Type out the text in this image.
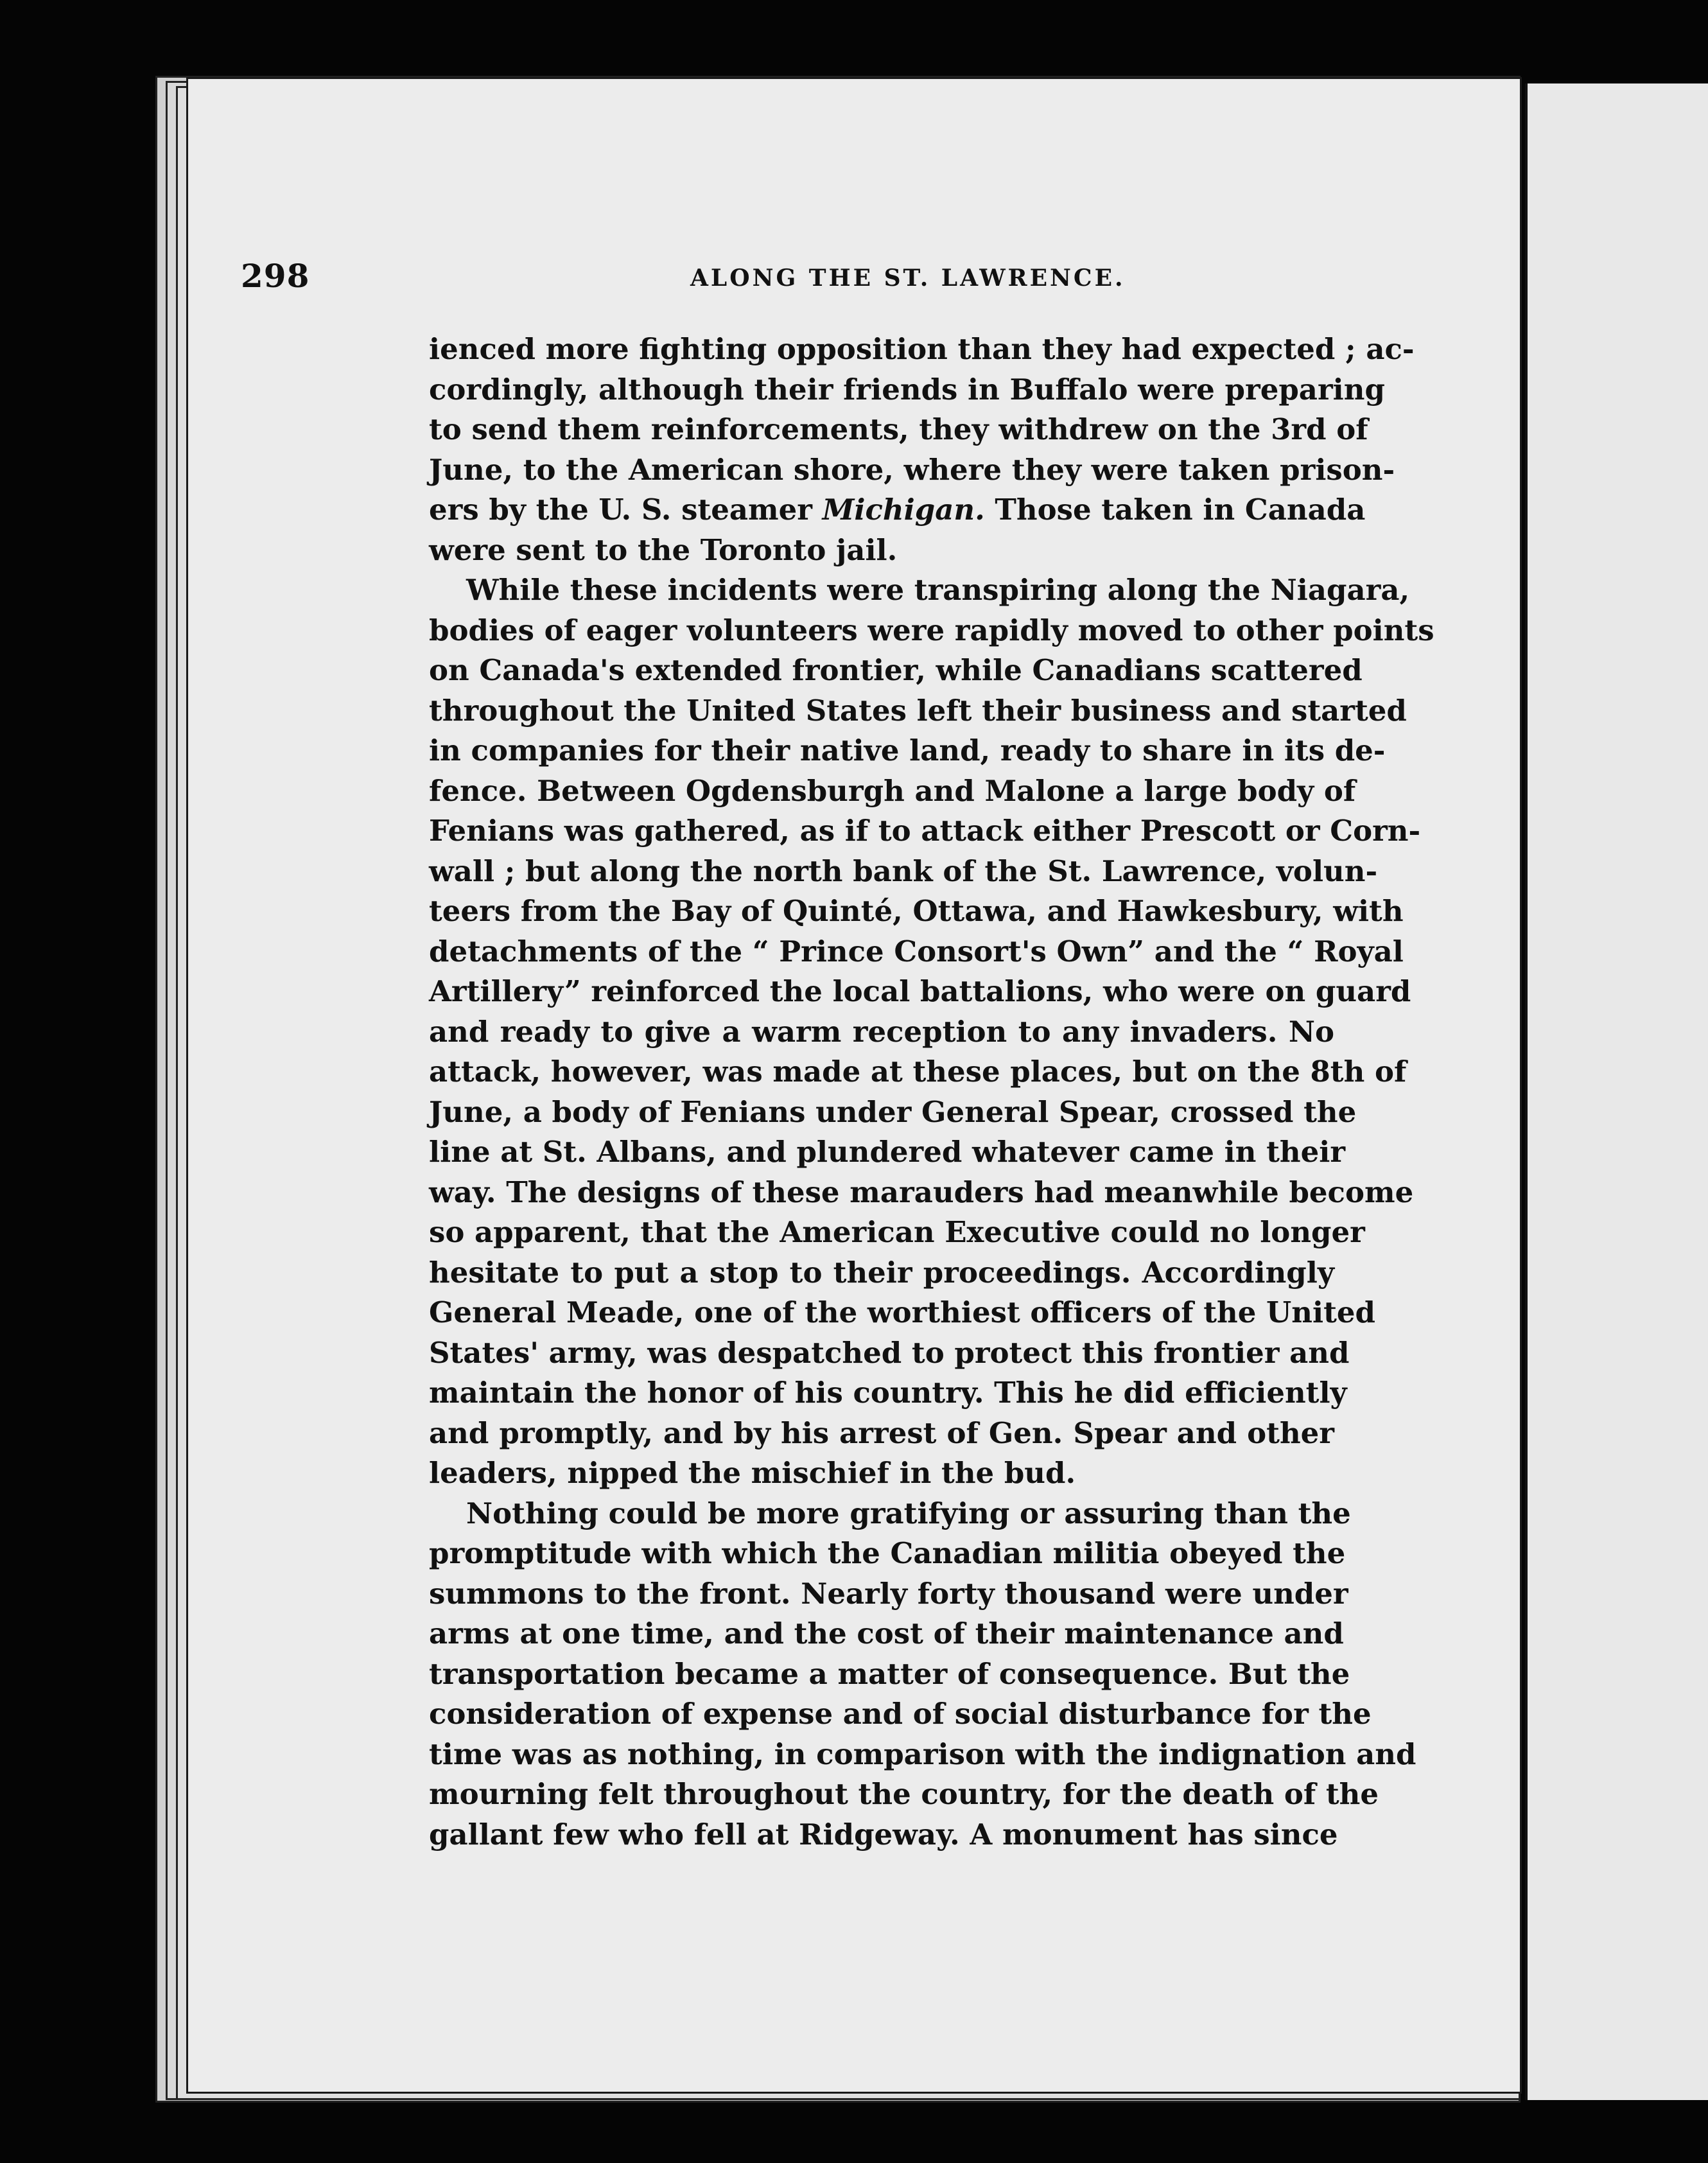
298	ALONG THE ST. LAWRENCE.
ienced more fighting opposition than they had expected ; ac-
cordingly, although their friends in Buffalo were preparing
to send them reinforcements, they withdrew on the 3rd of
June, to the American shore, where they were taken prison-
ers by the U. S. steamer Michigan. Those taken in Canada
were sent to the Toronto jail.
While these incidents were transpiring along the Niagara,
bodies of eager volunteers were rapidly moved to other points
on Canada's extended frontier, while Canadians scattered
throughout the United States left their business and started
in companies for their native land, ready to share in its de-
fence. Between Ogdensburgh and Malone a large body of
Fenians was gathered, as if to attack either Prescott or Corn-
wall ; but along the north bank of the St. Lawrence, volun-
teers from the Bay of Quinté, Ottawa, and Hawkesbury, with
detachments of the “ Prince Consort's Own” and the “ Royal
Artillery” reinforced the local battalions, who were on guard
and ready to give a warm reception to any invaders. No
attack, however, was made at these places, but on the 8th of
June, a body of Fenians under General Spear, crossed the
line at St. Albans, and plundered whatever came in their
way. The designs of these marauders had meanwhile become
so apparent, that the American Executive could no longer
hesitate to put a stop to their proceedings. Accordingly
General Meade, one of the worthiest officers of the United
States' army, was despatched to protect this frontier and
maintain the honor of his country. This he did efficiently
and promptly, and by his arrest of Gen. Spear and other
leaders, nipped the mischief in the bud.
Nothing could be more gratifying or assuring than the
promptitude with which the Canadian militia obeyed the
summons to the front. Nearly forty thousand were under
arms at one time, and the cost of their maintenance and
transportation became a matter of consequence. But the
consideration of expense and of social disturbance for the
time was as nothing, in comparison with the indignation and
mourning felt throughout the country, for the death of the
gallant few who fell at Ridgeway. A monument has since
